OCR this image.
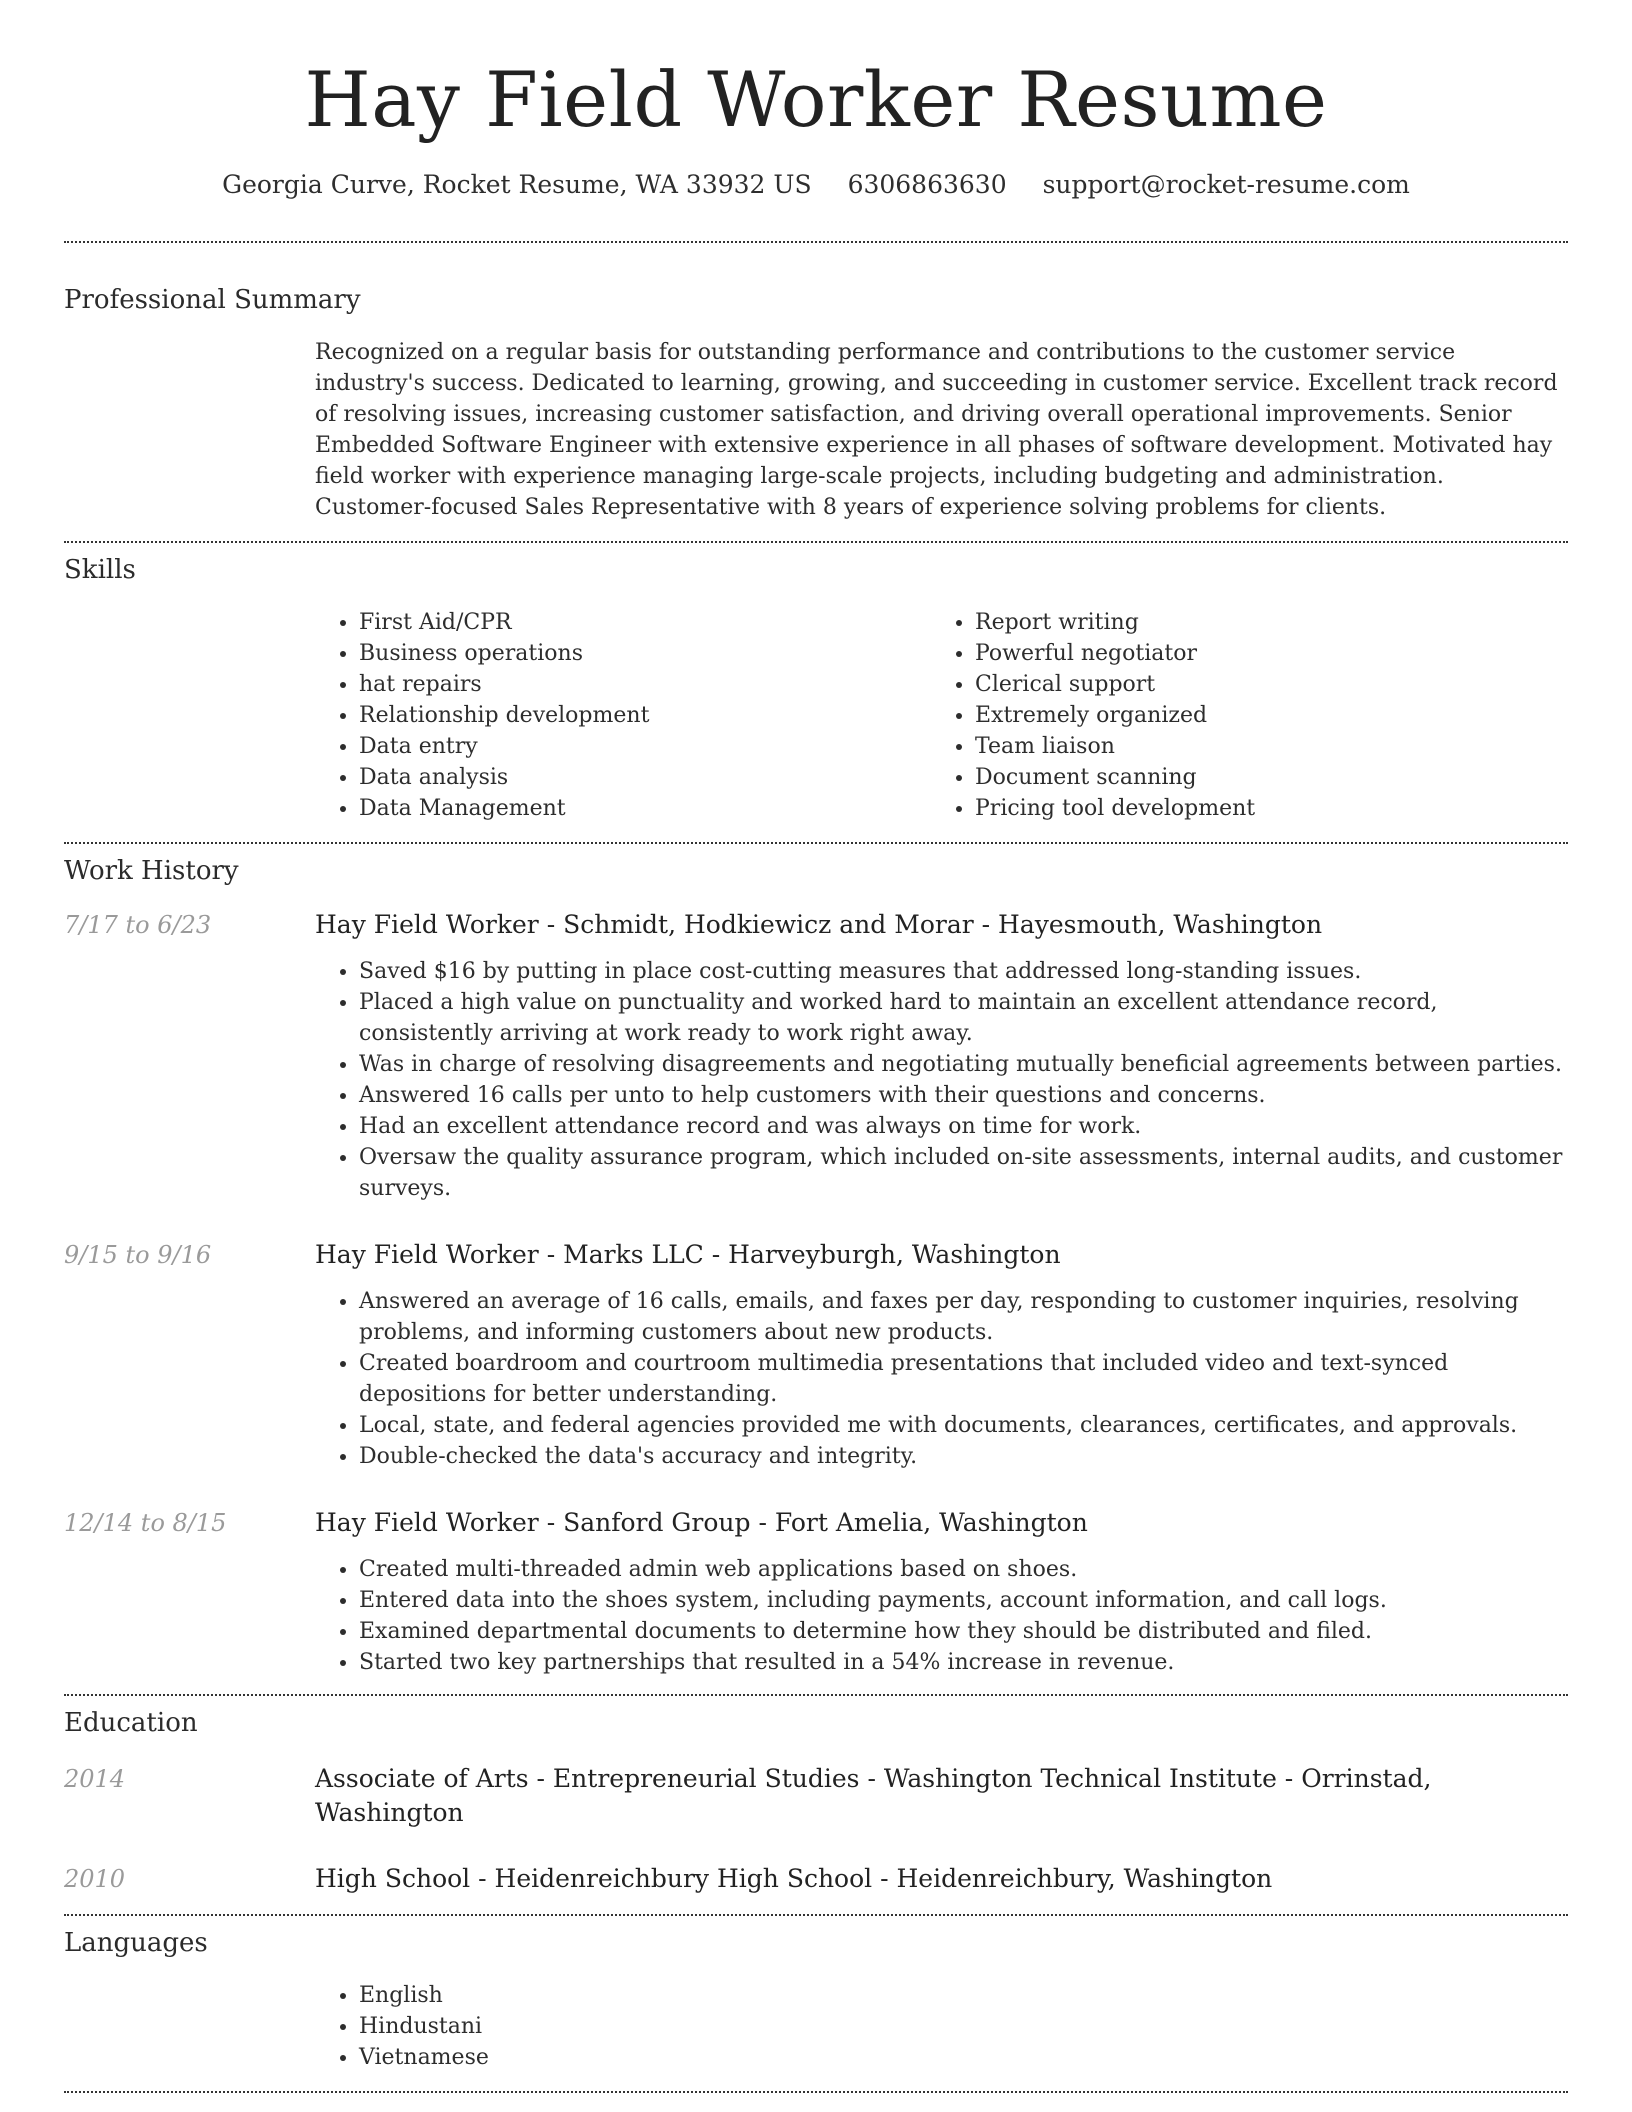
Hay Field Worker Resume
Georgia Curve, Rocket Resume, WA 33932 US 6306863630 support@rocket-resume.com
Professional Summary
Recognized on a regular basis for outstanding performance and contributions to the customer service industry's success. Dedicated to learning, growing, and succeeding in customer service. Excellent track record of resolving issues, increasing customer satisfaction, and driving overall operational improvements. Senior Embedded Software Engineer with extensive experience in all phases of software development. Motivated hay field worker with experience managing large-scale projects, including budgeting and administration. Customer-focused Sales Representative with 8 years of experience solving problems for clients.
Skills
• First Aid/CPR
• Business operations
• hat repairs
• Relationship development
• Data entry
• Data analysis
• Data Management
• Report writing
• Powerful negotiator
• Clerical support
• Extremely organized
• Team liaison
• Document scanning
• Pricing tool development
Work History
7/17 to 6/23	Hay Field Worker - Schmidt, Hodkiewicz and Morar - Hayesmouth, Washington
• Saved $16 by putting in place cost-cutting measures that addressed long-standing issues.
• Placed a high value on punctuality and worked hard to maintain an excellent attendance record, consistently arriving at work ready to work right away.
• Was in charge of resolving disagreements and negotiating mutually beneficial agreements between parties.
• Answered 16 calls per unto to help customers with their questions and concerns.
• Had an excellent attendance record and was always on time for work.
• Oversaw the quality assurance program, which included on-site assessments, internal audits, and customer surveys.
9/15 to 9/16	Hay Field Worker - Marks LLC - Harveyburgh, Washington
• Answered an average of 16 calls, emails, and faxes per day, responding to customer inquiries, resolving problems, and informing customers about new products.
• Created boardroom and courtroom multimedia presentations that included video and text-synced depositions for better understanding.
• Local, state, and federal agencies provided me with documents, clearances, certificates, and approvals.
• Double-checked the data's accuracy and integrity.
12/14 to 8/15	Hay Field Worker - Sanford Group - Fort Amelia, Washington
• Created multi-threaded admin web applications based on shoes.
• Entered data into the shoes system, including payments, account information, and call logs.
• Examined departmental documents to determine how they should be distributed and filed.
• Started two key partnerships that resulted in a 54% increase in revenue.
Education
2014	Associate of Arts - Entrepreneurial Studies - Washington Technical Institute - Orrinstad, Washington
2010	High School - Heidenreichbury High School - Heidenreichbury, Washington
Languages
• English
• Hindustani
• Vietnamese
